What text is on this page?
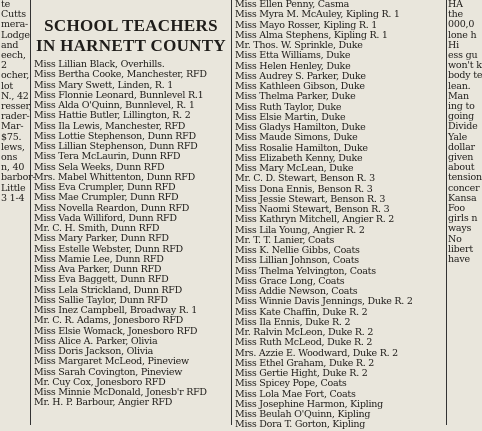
te
Cutts
mera-
Lodge
and
eech,
2
ocher,
lot
N., 42
resser,
rader-
Mar-
$75.
lews,
ons
n, 40
barbor-
Little
3 1-4
SCHOOL TEACHERS
IN HARNETT COUNTY
Miss Lillian Black, Overhills.
Miss Bertha Cooke, Manchester, RFD
Miss Mary Swett, Linden, R. 1
Miss Flonnie Leonard, Bunnlevel R.1
Miss Alda O'Quinn, Bunnlevel, R. 1
Miss Hattie Butler, Lillington, R. 2
Miss Ila Lewis, Manchester, RFD
Miss Lottie Stephenson, Dunn RFD
Miss Lillian Stephenson, Dunn RFD
Miss Tera McLaurin, Dunn RFD
Miss Sela Weeks, Dunn RFD
Mrs. Mabel Whittenton, Dunn RFD
Miss Eva Crumpler, Dunn RFD
Miss Mae Crumpler, Dunn RFD
Miss Novella Reardon, Dunn RFD
Miss Vada Williford, Dunn RFD
Mr. C. H. Smith, Dunn RFD
Miss Mary Parker, Dunn RFD
Miss Estelle Webster, Dunn RFD
Miss Mamie Lee, Dunn RFD
Miss Ava Parker, Dunn RFD
Miss Eva Baggett, Dunn RFD
Miss Lela Strickland, Dunn RFD
Miss Sallie Taylor, Dunn RFD
Miss Inez Campbell, Broadway R. 1
Mr. C. R. Adams, Jonesboro RFD
Miss Elsie Womack, Jonesboro RFD
Miss Alice A. Parker, Olivia
Miss Doris Jackson, Olivia
Miss Margaret McLeod, Pineview
Miss Sarah Covington, Pineview
Mr. Cuy Cox, Jonesboro RFD
Miss Minnie McDonald, Jonesb'r RFD
Mr. H. P. Barbour, Angier RFD
Miss Ellen Penny, Casma
Miss Myra M. McAuley, Kipling R. 1
Miss Mayo Rosser, Kipling R. 1
Miss Alma Stephens, Kipling R. 1
Mr. Thos. W. Sprinkle, Duke
Miss Etta Williams, Duke
Miss Helen Henley, Duke
Miss Audrey S. Parker, Duke
Miss Kathleen Gibson, Duke
Miss Thelma Parker, Duke
Miss Ruth Taylor, Duke
Miss Elsie Martin, Duke
Miss Gladys Hamilton, Duke
Miss Maude Simons, Duke
Miss Rosalie Hamilton, Duke
Miss Elizabeth Kenny, Duke
Miss Mary McLean, Duke
Mr. C. D. Stewart, Benson R. 3
Miss Dona Ennis, Benson R. 3
Miss Jessie Stewart, Benson R. 3
Miss Naomi Stewart, Benson R. 3
Miss Kathryn Mitchell, Angier R. 2
Miss Lila Young, Angier R. 2
Mr. T. T. Lanier, Coats
Miss K. Nellie Gibbs, Coats
Miss Lillian Johnson, Coats
Miss Thelma Yelvington, Coats
Miss Grace Long, Coats
Miss Addie Newson, Coats
Miss Winnie Davis Jennings, Duke R. 2
Miss Kate Chaffin, Duke R. 2
Miss Ila Ennis, Duke R. 2
Mr. Ralvin McLeon, Duke R. 2
Miss Ruth McLeod, Duke R. 2
Mrs. Azzie E. Woodward, Duke R. 2
Miss Ethel Graham, Duke R. 2
Miss Gertie Hight, Duke R. 2
Miss Spicey Pope, Coats
Miss Lola Mae Fort, Coats
Miss Josephine Harmon, Kipling
Miss Beulah O'Quinn, Kipling
Miss Dora T. Gorton, Kipling
HA
the
000,0
lone h
Hi
ess gu
won't k
body te
lean.
Man
ing to
going
Divide
Yale
dollar
given
about
tension
concer
Kansa
Foo
girls n
ways
No
libert
have
